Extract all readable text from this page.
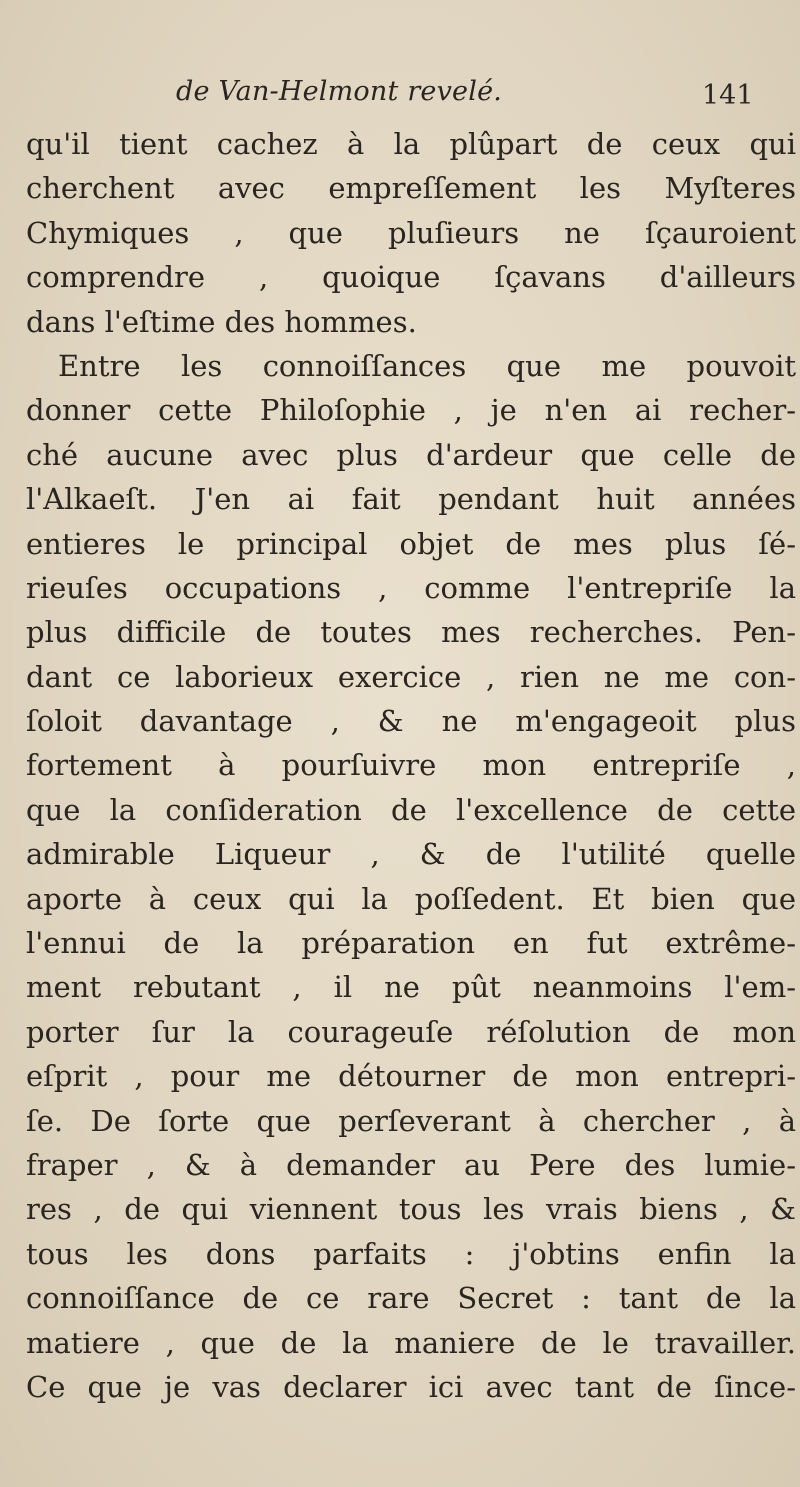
de Van-Helmont revelé.	141
qu'il tient cachez à la plûpart de ceux qui
cherchent avec empreſſement les Myſteres
Chymiques , que pluſieurs ne ſçauroient
comprendre , quoique ſçavans d'ailleurs
dans l'eſtime des hommes.
Entre les connoiſſances que me pouvoit
donner cette Philoſophie , je n'en ai recher-
ché aucune avec plus d'ardeur que celle de
l'Alkaeſt. J'en ai fait pendant huit années
entieres le principal objet de mes plus ſé-
rieuſes occupations , comme l'entrepriſe la
plus difficile de toutes mes recherches. Pen-
dant ce laborieux exercice , rien ne me con-
ſoloit davantage , & ne m'engageoit plus
fortement à pourſuivre mon entrepriſe ,
que la conſideration de l'excellence de cette
admirable Liqueur , & de l'utilité quelle
aporte à ceux qui la poſſedent. Et bien que
l'ennui de la préparation en fut extrême-
ment rebutant , il ne pût neanmoins l'em-
porter ſur la courageuſe réſolution de mon
eſprit , pour me détourner de mon entrepri-
ſe. De ſorte que perſeverant à chercher , à
fraper , & à demander au Pere des lumie-
res , de qui viennent tous les vrais biens , &
tous les dons parfaits : j'obtins enfin la
connoiſſance de ce rare Secret : tant de la
matiere , que de la maniere de le travailler.
Ce que je vas declarer ici avec tant de ſince-
